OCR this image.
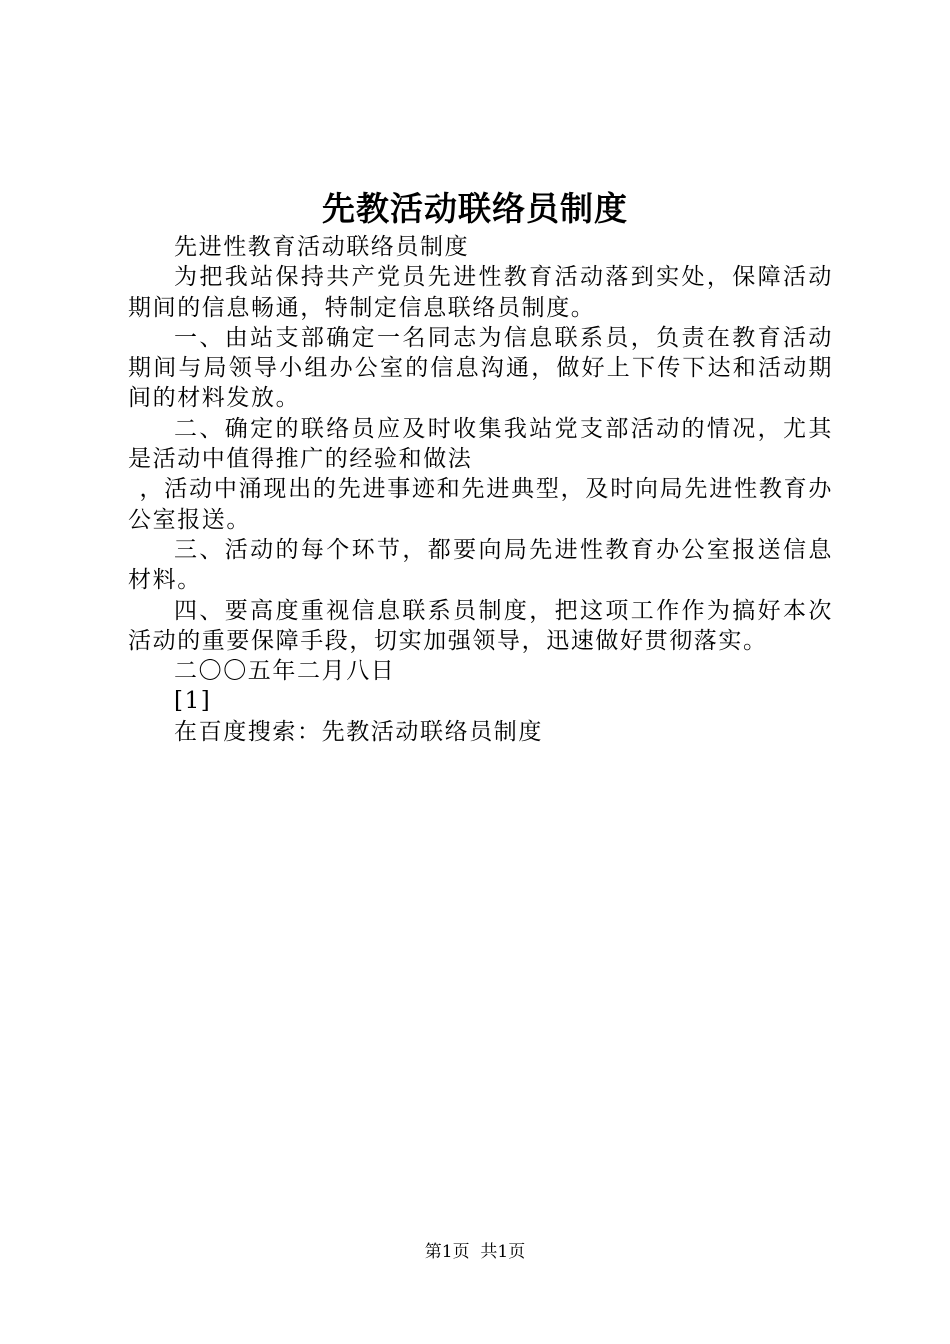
先教活动联络员制度

先进性教育活动联络员制度

为把我站保持共产党员先进性教育活动落到实处，保障活动期间的信息畅通，特制定信息联络员制度。

一、由站支部确定一名同志为信息联系员，负责在教育活动期间与局领导小组办公室的信息沟通，做好上下传下达和活动期间的材料发放。

二、确定的联络员应及时收集我站党支部活动的情况，尤其是活动中值得推广的经验和做法

，活动中涌现出的先进事迹和先进典型，及时向局先进性教育办公室报送。

三、活动的每个环节，都要向局先进性教育办公室报送信息材料。

四、要高度重视信息联系员制度，把这项工作作为搞好本次活动的重要保障手段，切实加强领导，迅速做好贯彻落实。

二〇〇五年二月八日

[1]

在百度搜索：先教活动联络员制度

第1页 共1页
